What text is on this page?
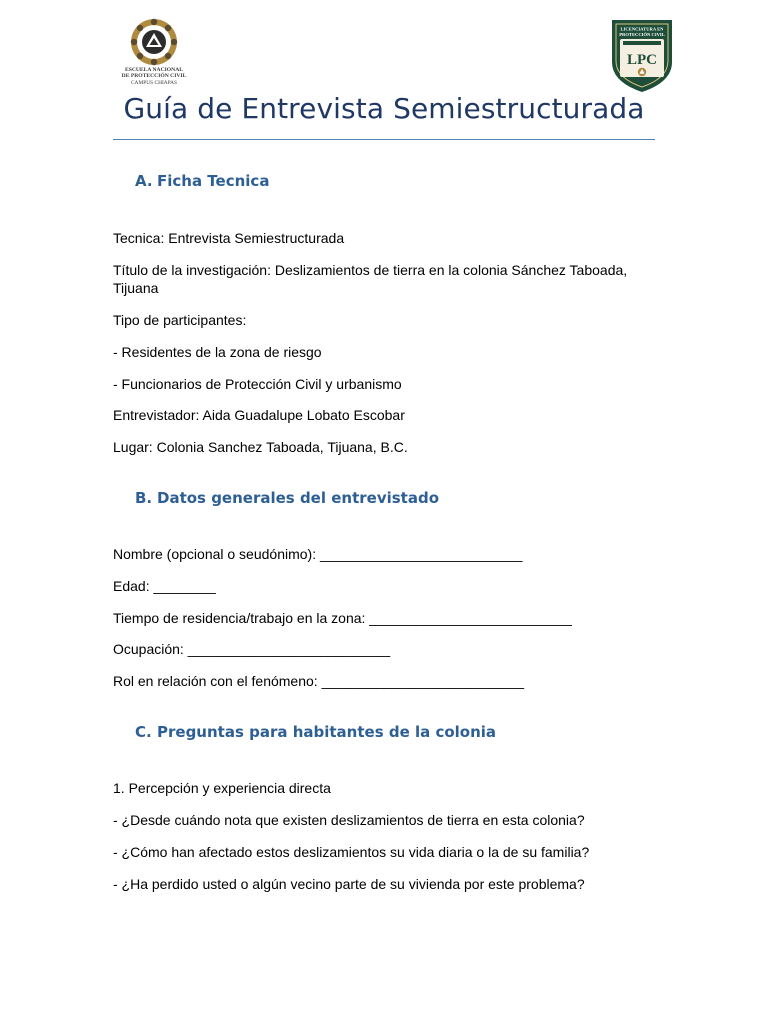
ESCUELA NACIONAL
DE PROTECCIÓN CIVIL
CAMPUS CHIAPAS
LICENCIATURA EN
PROTECCIÓN CIVIL
LPC
Guía de Entrevista Semiestructurada
A. Ficha Tecnica
Tecnica: Entrevista Semiestructurada
Título de la investigación: Deslizamientos de tierra en la colonia Sánchez Taboada, Tijuana
Tipo de participantes:
- Residentes de la zona de riesgo
- Funcionarios de Protección Civil y urbanismo
Entrevistador: Aida Guadalupe Lobato Escobar
Lugar: Colonia Sanchez Taboada, Tijuana, B.C.
B. Datos generales del entrevistado
Nombre (opcional o seudónimo): __________________________
Edad: ________
Tiempo de residencia/trabajo en la zona: __________________________
Ocupación: __________________________
Rol en relación con el fenómeno: __________________________
C. Preguntas para habitantes de la colonia
1. Percepción y experiencia directa
- ¿Desde cuándo nota que existen deslizamientos de tierra en esta colonia?
- ¿Cómo han afectado estos deslizamientos su vida diaria o la de su familia?
- ¿Ha perdido usted o algún vecino parte de su vivienda por este problema?
